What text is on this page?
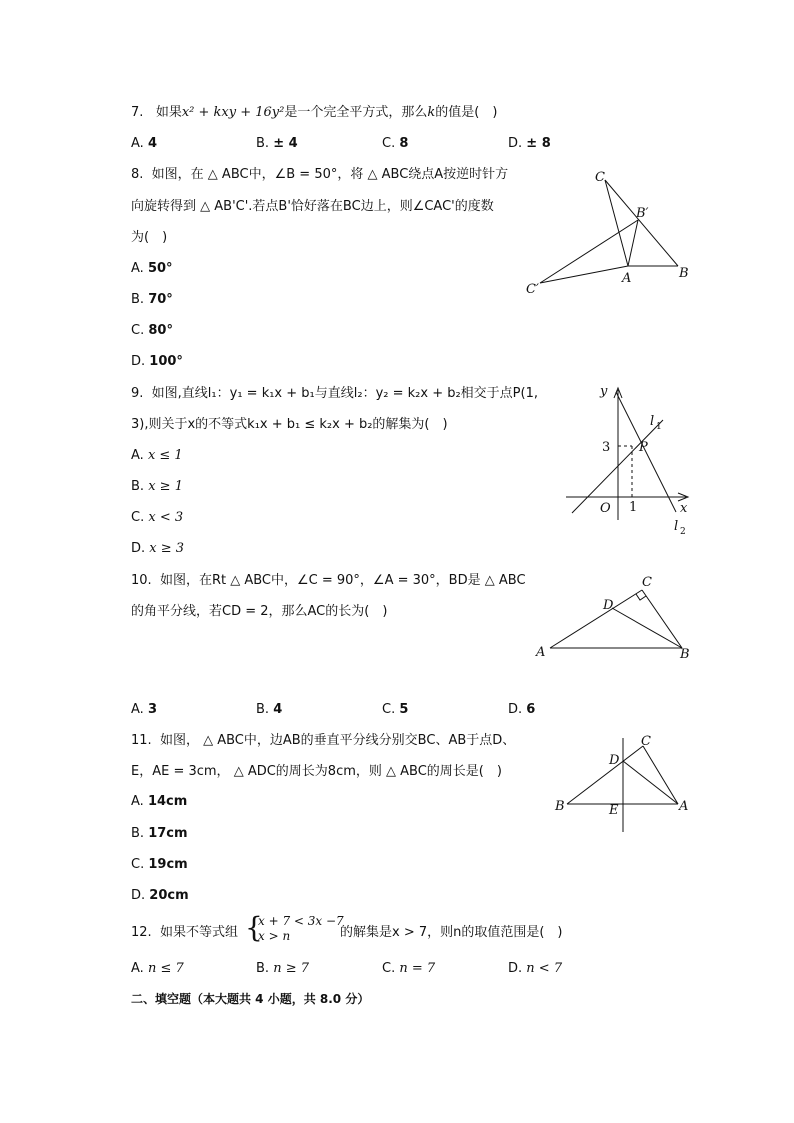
7. 如果x² + kxy + 16y²是一个完全平方式，那么k的值是( )
A. 4	B. ± 4	C. 8	D. ± 8
8. 如图，在 △ ABC中，∠B = 50°，将 △ ABC绕点A按逆时针方
向旋转得到 △ AB'C'.若点B'恰好落在BC边上，则∠CAC'的度数
为( )
A. 50°
B. 70°
C. 80°
D. 100°
C
B′
A	B
C′
9. 如图,直线l₁：y₁ = k₁x + b₁与直线l₂：y₂ = k₂x + b₂相交于点P(1,
3),则关于x的不等式k₁x + b₁ ≤ k₂x + b₂的解集为( )
A. x ≤ 1
B. x ≥ 1
C. x < 3
D. x ≥ 3
y
x
O 1
3 P
l 1
l 2
10. 如图，在Rt △ ABC中，∠C = 90°，∠A = 30°，BD是 △ ABC
的角平分线，若CD = 2，那么AC的长为( )
C
D
A	B
A. 3	B. 4	C. 5	D. 6
11. 如图， △ ABC中，边AB的垂直平分线分别交BC、AB于点D、
E，AE = 3cm， △ ADC的周长为8cm，则 △ ABC的周长是( )
A. 14cm
B. 17cm
C. 19cm
D. 20cm
C
D
B	E	A
12. 如果不等式组 {
x + 7 < 3x −7
x > n	的解集是x > 7，则n的取值范围是( )
A. n ≤ 7	B. n ≥ 7	C. n = 7	D. n < 7
二、填空题（本大题共 4 小题，共 8.0 分）
